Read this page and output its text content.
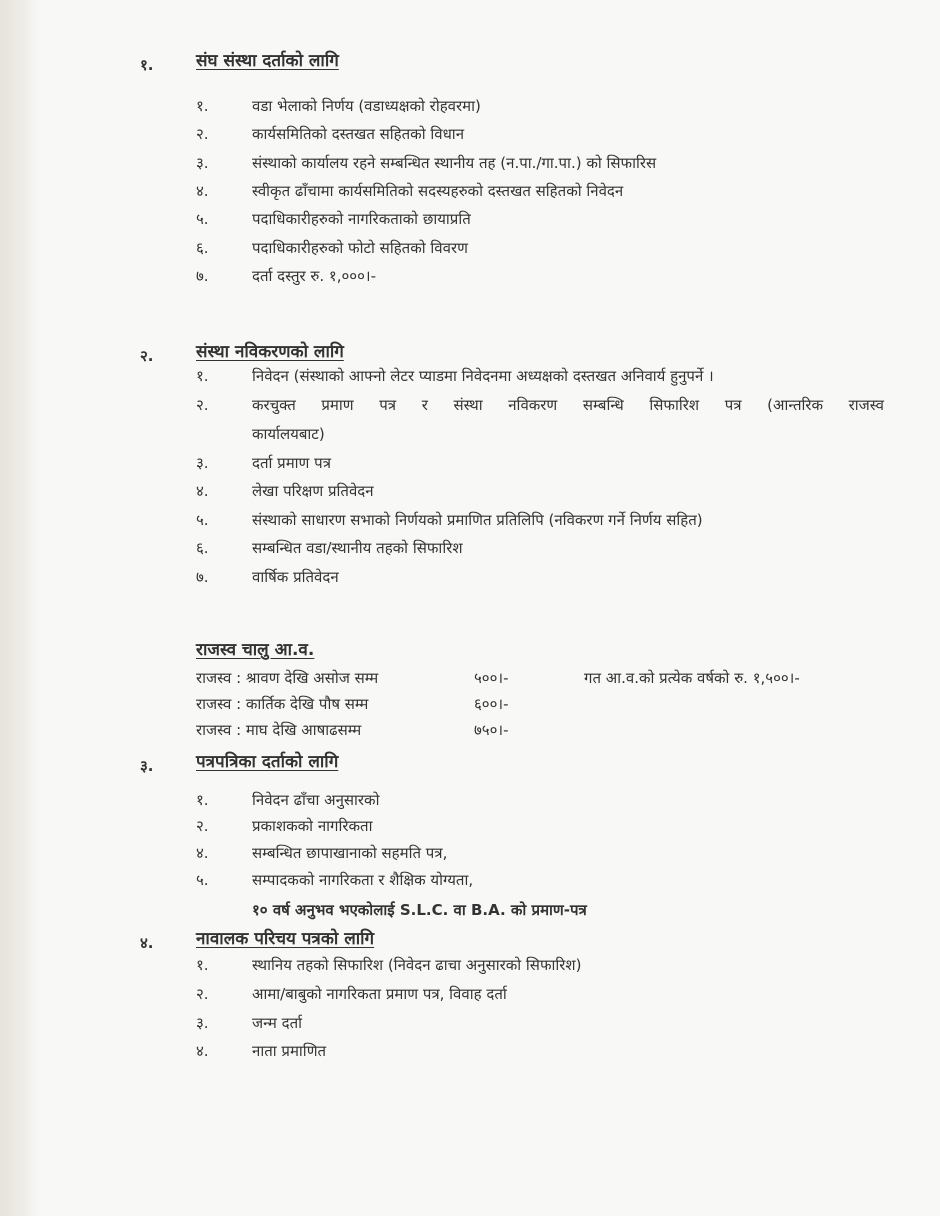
१.	संघ संस्था दर्ताको लागि
१.	वडा भेलाको निर्णय (वडाध्यक्षको रोहवरमा)
२.	कार्यसमितिको दस्तखत सहितको विधान
३.	संस्थाको कार्यालय रहने सम्बन्धित स्थानीय तह (न.पा./गा.पा.) को सिफारिस
४.	स्वीकृत ढाँचामा कार्यसमितिको सदस्यहरुको दस्तखत सहितको निवेदन
५.	पदाधिकारीहरुको नागरिकताको छायाप्रति
६.	पदाधिकारीहरुको फोटो सहितको विवरण
७.	दर्ता दस्तुर रु. १,०००।-
२.	संस्था नविकरणको लागि
१.	निवेदन (संस्थाको आफ्नो लेटर प्याडमा निवेदनमा अध्यक्षको दस्तखत अनिवार्य हुनुपर्ने ।
२.	करचुक्त प्रमाण पत्र र संस्था नविकरण सम्बन्धि सिफारिश पत्र (आन्तरिक राजस्व
कार्यालयबाट)
३.	दर्ता प्रमाण पत्र
४.	लेखा परिक्षण प्रतिवेदन
५.	संस्थाको साधारण सभाको निर्णयको प्रमाणित प्रतिलिपि (नविकरण गर्ने निर्णय सहित)
६.	सम्बन्धित वडा/स्थानीय तहको सिफारिश
७.	वार्षिक प्रतिवेदन
राजस्व चालु आ.व.
राजस्व : श्रावण देखि असोज सम्म	५००।-	गत आ.व.को प्रत्येक वर्षको रु. १,५००।-
राजस्व : कार्तिक देखि पौष सम्म	६००।-
राजस्व : माघ देखि आषाढसम्म	७५०।-
३.	पत्रपत्रिका दर्ताको लागि
१.	निवेदन ढाँचा अनुसारको
२.	प्रकाशकको नागरिकता
४.	सम्बन्धित छापाखानाको सहमति पत्र,
५.	सम्पादकको नागरिकता र शैक्षिक योग्यता,
१० वर्ष अनुभव भएकोलाई S.L.C. वा B.A. को प्रमाण-पत्र
४.	नावालक परिचय पत्रको लागि
१.	स्थानिय तहको सिफारिश (निवेदन ढाचा अनुसारको सिफारिश)
२.	आमा/बाबुको नागरिकता प्रमाण पत्र, विवाह दर्ता
३.	जन्म दर्ता
४.	नाता प्रमाणित
